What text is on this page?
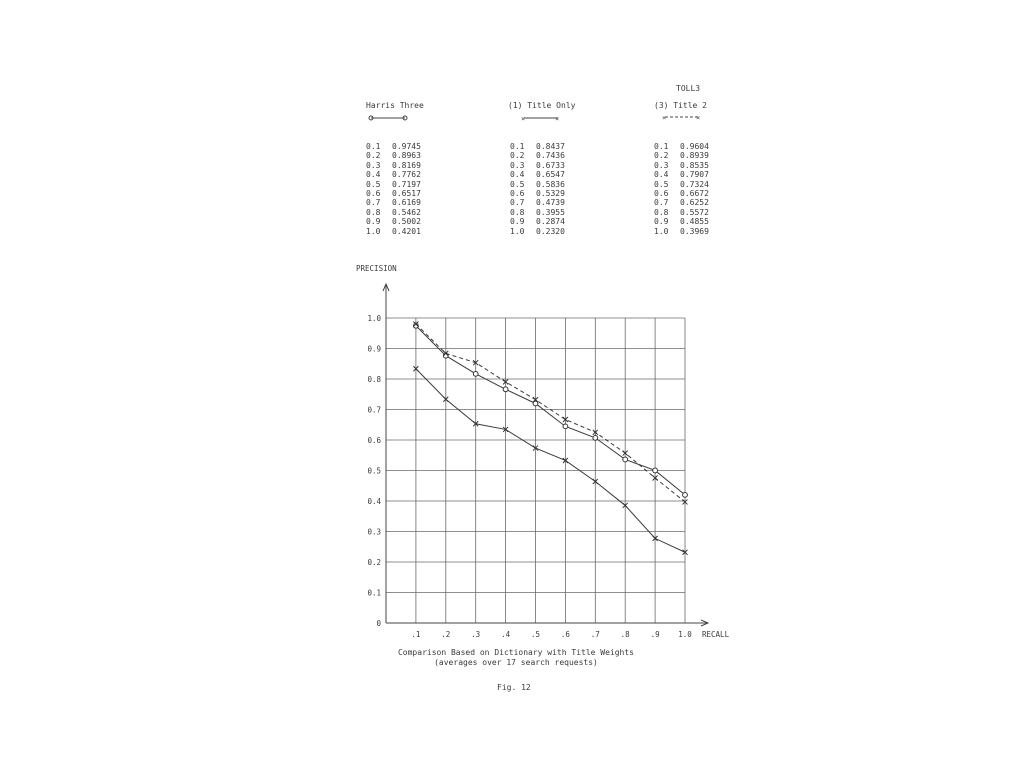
TOLL3
Harris Three	(1) Title Only
×	×
(3) Title 2
×	×
0.1	0.9745
0.2	0.8963
0.3	0.8169
0.4	0.7762
0.5	0.7197
0.6	0.6517
0.7	0.6169
0.8	0.5462
0.9	0.5002
1.0	0.4201
0.1	0.8437
0.2	0.7436
0.3	0.6733
0.4	0.6547
0.5	0.5836
0.6	0.5329
0.7	0.4739
0.8	0.3955
0.9	0.2874
1.0	0.2320
0.1	0.9604
0.2	0.8939
0.3	0.8535
0.4	0.7907
0.5	0.7324
0.6	0.6672
0.7	0.6252
0.8	0.5572
0.9	0.4855
1.0	0.3969
0
0.1
0.2
0.3
0.4
0.5
0.6
0.7
0.8
0.9
1.0
.1	.2	.3	.4	.5	.6	.7	.8	.9 1.0
PRECISION
RECALL
Comparison Based on Dictionary with Title Weights
(averages over 17 search requests)
Fig. 12
